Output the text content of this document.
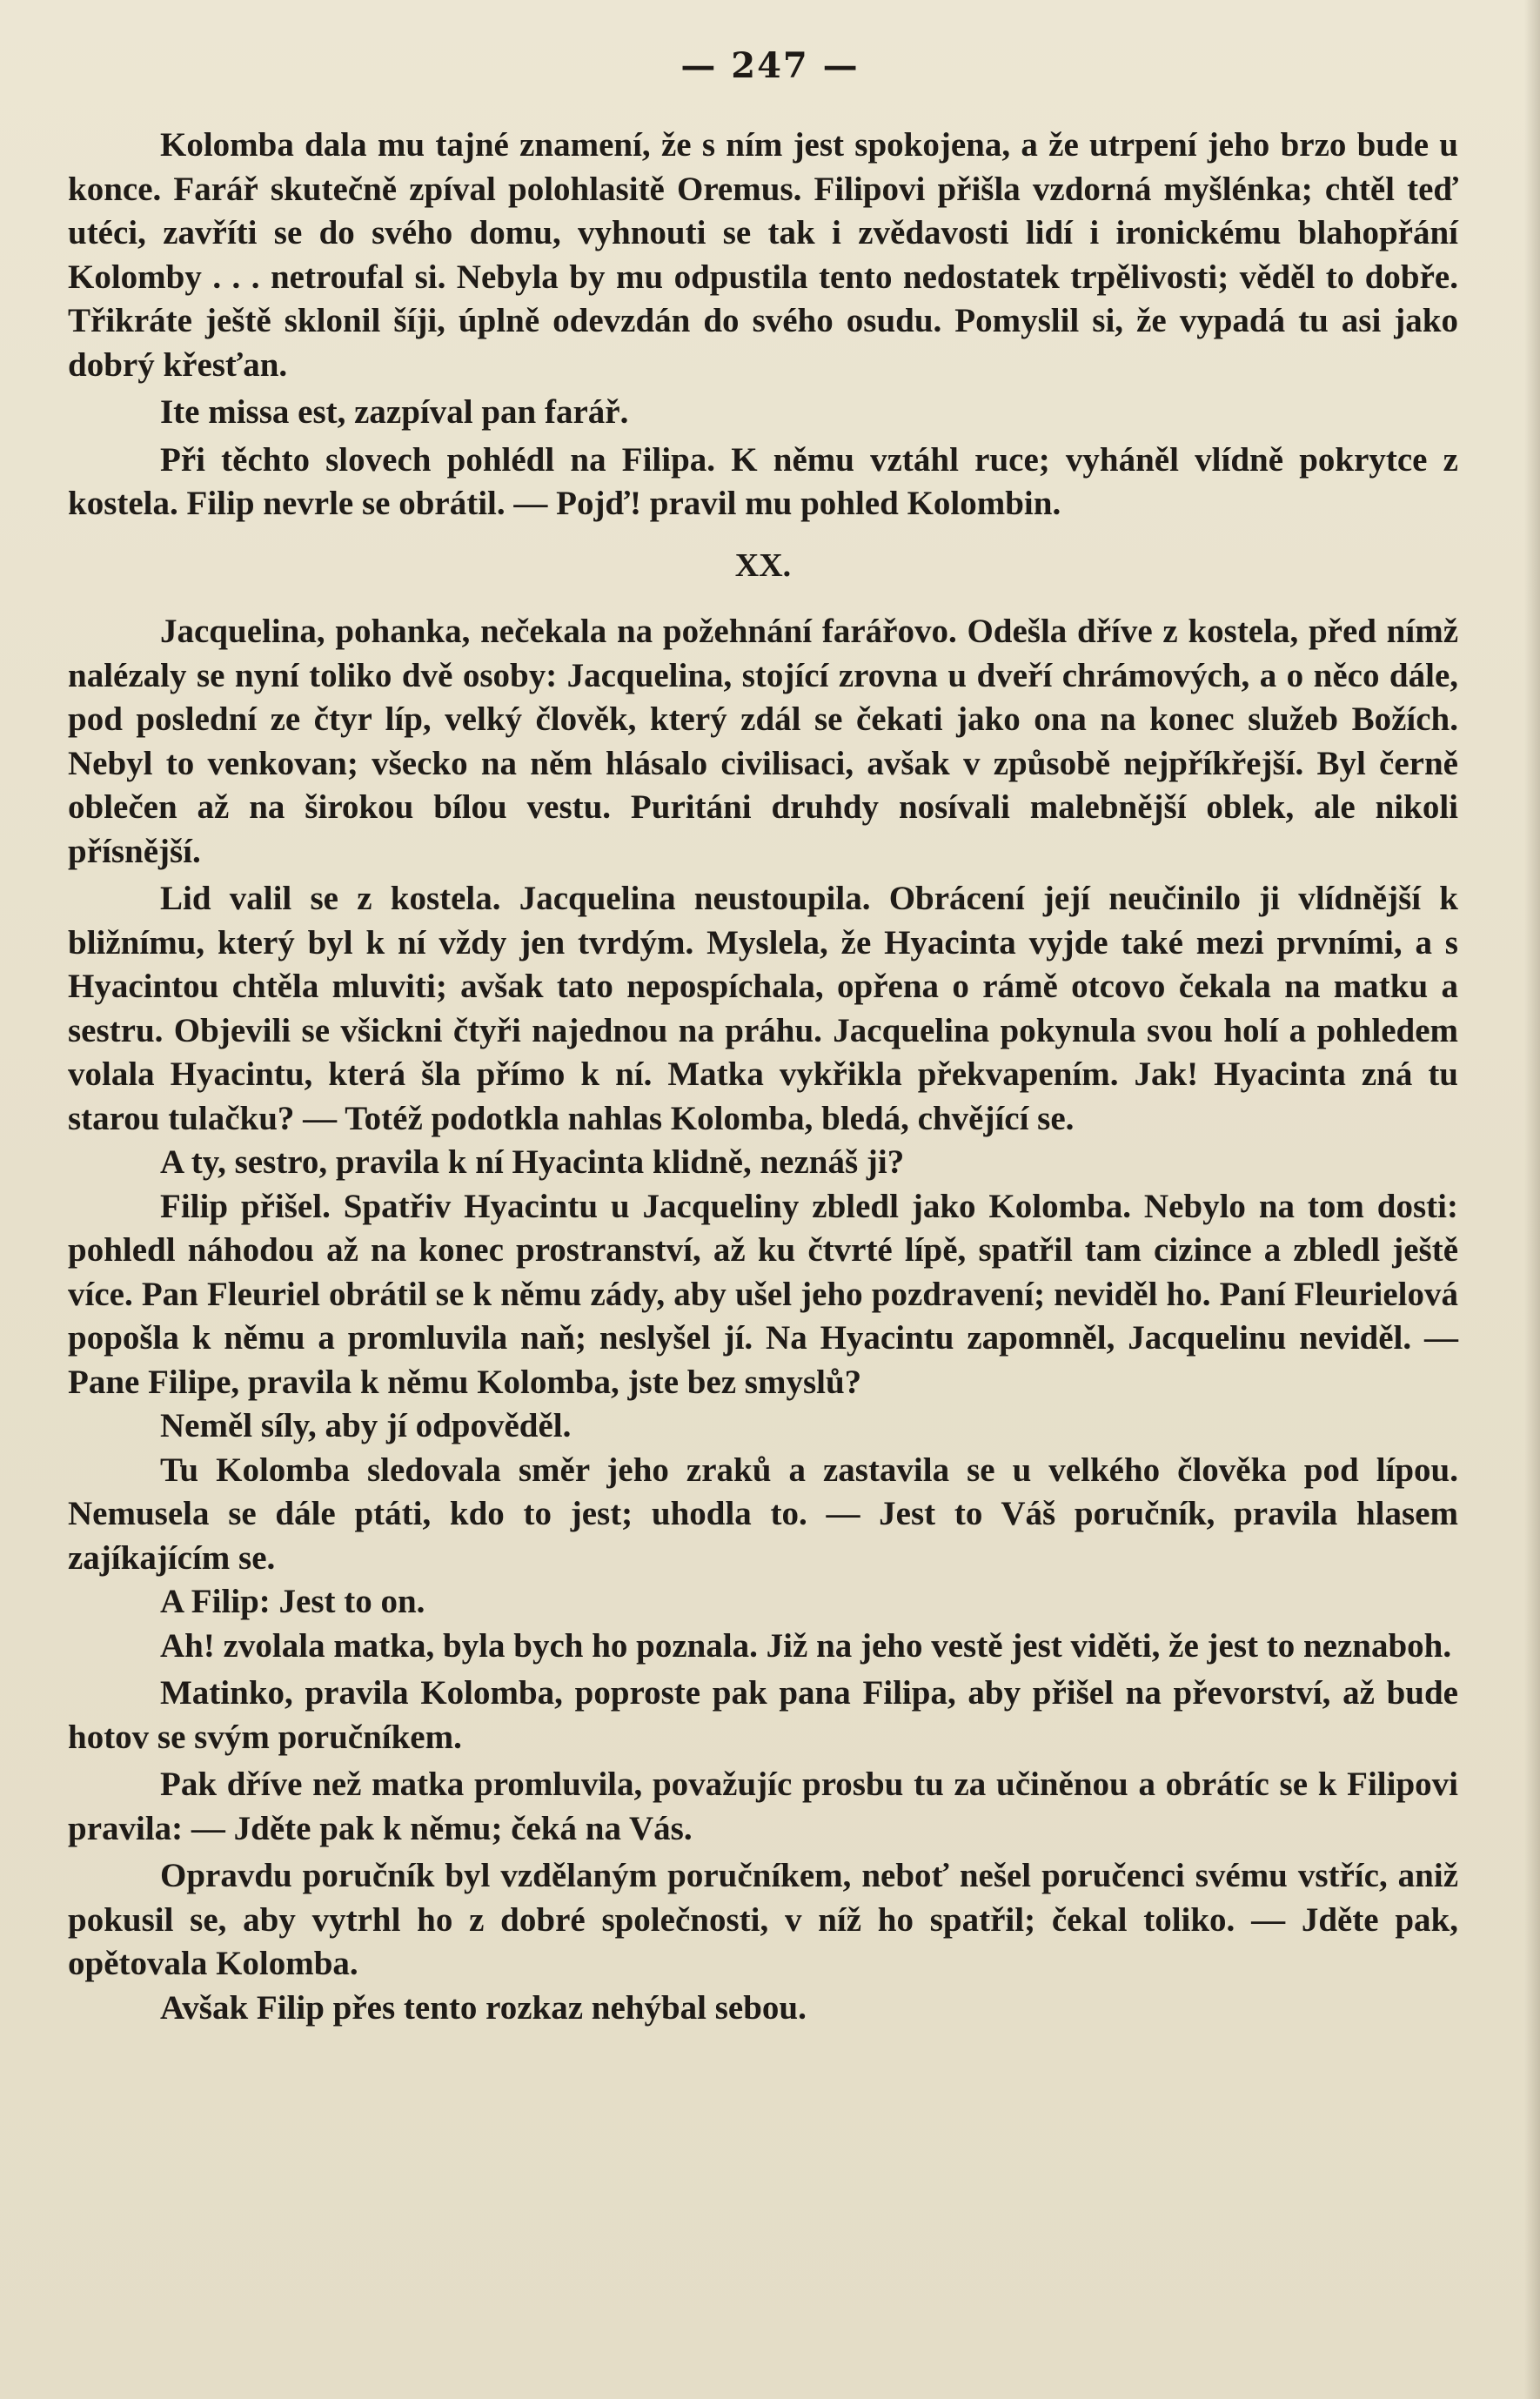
— 247 —

Kolomba dala mu tajné znamení, že s ním jest spokojena, a že utrpení jeho brzo bude u konce. Farář skutečně zpíval polohlasitě Oremus. Filipovi přišla vzdorná myšlénka; chtěl teď utéci, zavříti se do svého domu, vyhnouti se tak i zvědavosti lidí i ironickému blahopřání Kolomby . . . netroufal si. Nebyla by mu odpustila tento nedostatek trpělivosti; věděl to dobře. Třikráte ještě sklonil šíji, úplně odevzdán do svého osudu. Pomyslil si, že vypadá tu asi jako dobrý křesťan.

Ite missa est, zazpíval pan farář.

Při těchto slovech pohlédl na Filipa. K němu vztáhl ruce; vyháněl vlídně pokrytce z kostela. Filip nevrle se obrátil. — Pojď! pravil mu pohled Kolombin.

XX.

Jacquelina, pohanka, nečekala na požehnání farářovo. Odešla dříve z kostela, před nímž nalézaly se nyní toliko dvě osoby: Jacquelina, stojící zrovna u dveří chrámových, a o něco dále, pod poslední ze čtyr líp, velký člověk, který zdál se čekati jako ona na konec služeb Božích. Nebyl to venkovan; všecko na něm hlásalo civilisaci, avšak v způsobě nejpříkřejší. Byl černě oblečen až na širokou bílou vestu. Puritáni druhdy nosívali malebnější oblek, ale nikoli přísnější.

Lid valil se z kostela. Jacquelina neustoupila. Obrácení její neučinilo ji vlídnější k bližnímu, který byl k ní vždy jen tvrdým. Myslela, že Hyacinta vyjde také mezi prvními, a s Hyacintou chtěla mluviti; avšak tato nepospíchala, opřena o rámě otcovo čekala na matku a sestru. Objevili se všickni čtyři najednou na práhu. Jacquelina pokynula svou holí a pohledem volala Hyacintu, která šla přímo k ní. Matka vykřikla překvapením. Jak! Hyacinta zná tu starou tulačku? — Totéž podotkla nahlas Kolomba, bledá, chvějící se.

A ty, sestro, pravila k ní Hyacinta klidně, neznáš ji?

Filip přišel. Spatřiv Hyacintu u Jacqueliny zbledl jako Kolomba. Nebylo na tom dosti: pohledl náhodou až na konec prostranství, až ku čtvrté lípě, spatřil tam cizince a zbledl ještě více. Pan Fleuriel obrátil se k němu zády, aby ušel jeho pozdravení; neviděl ho. Paní Fleurielová popošla k němu a promluvila naň; neslyšel jí. Na Hyacintu zapomněl, Jacquelinu neviděl. — Pane Filipe, pravila k němu Kolomba, jste bez smyslů?

Neměl síly, aby jí odpověděl.

Tu Kolomba sledovala směr jeho zraků a zastavila se u velkého člověka pod lípou. Nemusela se dále ptáti, kdo to jest; uhodla to. — Jest to Váš poručník, pravila hlasem zajíkajícím se.

A Filip: Jest to on.

Ah! zvolala matka, byla bych ho poznala. Již na jeho vestě jest viděti, že jest to neznaboh.

Matinko, pravila Kolomba, poproste pak pana Filipa, aby přišel na převorství, až bude hotov se svým poručníkem.

Pak dříve než matka promluvila, považujíc prosbu tu za učiněnou a obrátíc se k Filipovi pravila: — Jděte pak k němu; čeká na Vás.

Opravdu poručník byl vzdělaným poručníkem, neboť nešel poručenci svému vstříc, aniž pokusil se, aby vytrhl ho z dobré společnosti, v níž ho spatřil; čekal toliko. — Jděte pak, opětovala Kolomba.

Avšak Filip přes tento rozkaz nehýbal sebou.
